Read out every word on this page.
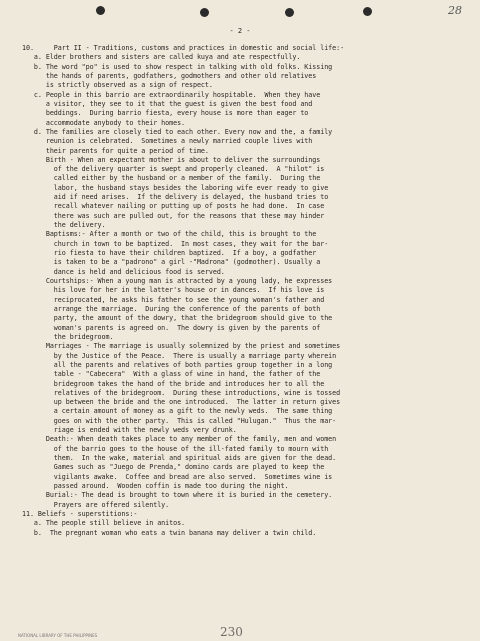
28
- 2 -
10.     Part II - Traditions, customs and practices in domestic and social life:-
a. Elder brothers and sisters are called kuya and ate respectfully.
b. The word "po" is used to show respect in talking with old folks. Kissing
the hands of parents, godfathers, godmothers and other old relatives
is strictly observed as a sign of respect.
c. People in this barrio are extraordinarily hospitable.  When they have
a visitor, they see to it that the guest is given the best food and
beddings.  During barrio fiesta, every house is more than eager to
accommodate anybody to their homes.
d. The families are closely tied to each other. Every now and the, a family
reunion is celebrated.  Sometimes a newly married couple lives with
their parents for quite a period of time.
Birth - When an expectant mother is about to deliver the surroundings
of the delivery quarter is swept and properly cleaned.  A "hilot" is
called either by the husband or a member of the family.  During the
labor, the husband stays besides the laboring wife ever ready to give
aid if need arises.  If the delivery is delayed, the husband tries to
recall whatever nailing or putting up of posts he had done.  In case
there was such are pulled out, for the reasons that these may hinder
the delivery.
Baptisms:- After a month or two of the child, this is brought to the
church in town to be baptized.  In most cases, they wait for the bar-
rio fiesta to have their children baptized.  If a boy, a godfather
is taken to be a "padrono" a girl -"Madrona" (godmother). Usually a
dance is held and delicious food is served.
Courtships:- When a young man is attracted by a young lady, he expresses
his love for her in the latter's house or in dances.  If his love is
reciprocated, he asks his father to see the young woman's father and
arrange the marriage.  During the conference of the parents of both
party, the amount of the dowry, that the bridegroom should give to the
woman's parents is agreed on.  The dowry is given by the parents of
the bridegroom.
Marriages - The marriage is usually solemnized by the priest and sometimes
by the Justice of the Peace.  There is usually a marriage party wherein
all the parents and relatives of both parties group together in a long
table - "Cabecera"  With a glass of wine in hand, the father of the
bridegroom takes the hand of the bride and introduces her to all the
relatives of the bridegroom.  During these introductions, wine is tossed
up between the bride and the one introduced.  The latter in return gives
a certain amount of money as a gift to the newly weds.  The same thing
goes on with the other party.  This is called "Hulugan."  Thus the mar-
riage is ended with the newly weds very drunk.
Death:- When death takes place to any member of the family, men and women
of the barrio goes to the house of the ill-fated family to mourn with
them.  In the wake, material and spiritual aids are given for the dead.
Games such as "Juego de Prenda," domino cards are played to keep the
vigilants awake.  Coffee and bread are also served.  Sometimes wine is
passed around.  Wooden coffin is made too during the night.
Burial:- The dead is brought to town where it is buried in the cemetery.
Prayers are offered silently.
11. Beliefs - superstitions:-
a. The people still believe in anitos.
b.  The pregnant woman who eats a twin banana may deliver a twin child.
NATIONAL LIBRARY OF THE PHILIPPINES	230
